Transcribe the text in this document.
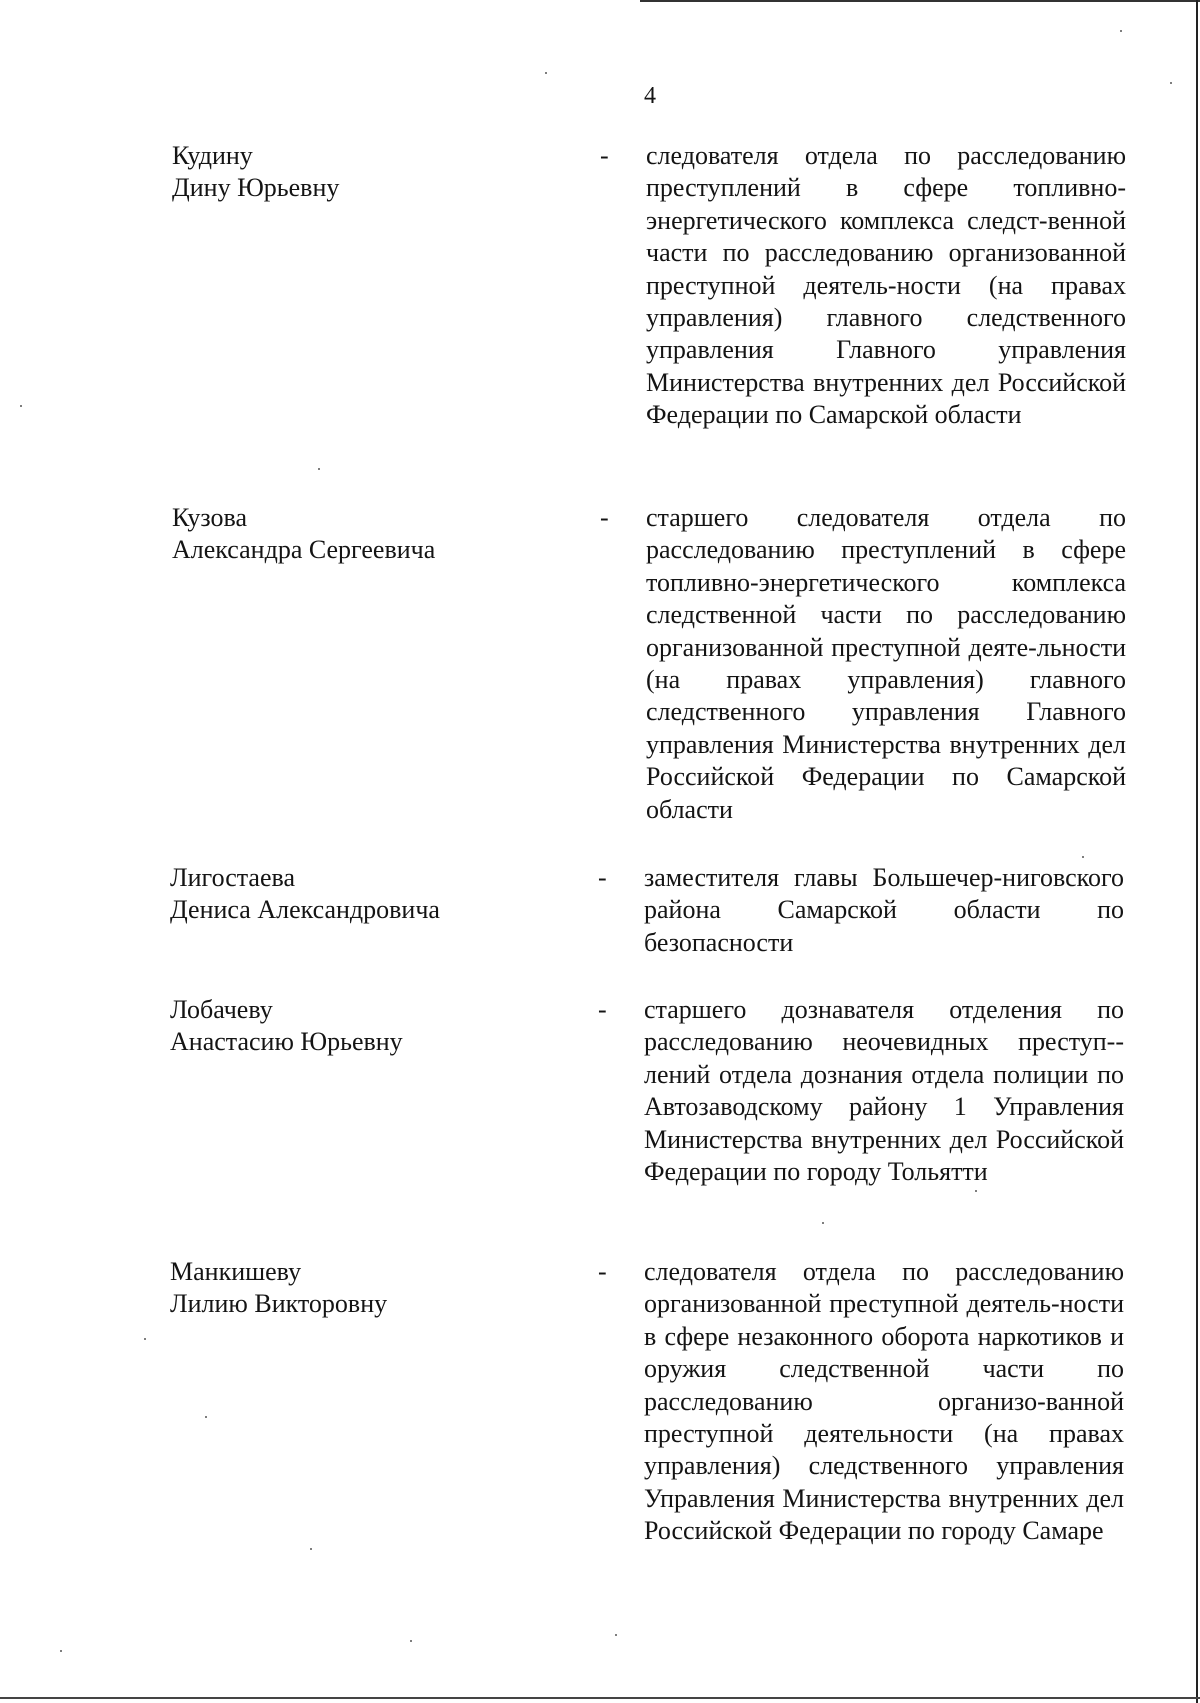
4
Кудину
Дину Юрьевну
-	следователя отдела по расследованию преступлений в сфере топливно-энергетического комплекса следст-венной части по расследованию организованной преступной деятель-ности (на правах управления) главного следственного управления Главного управления Министерства внутренних дел Российской Федерации по Самарской области
Кузова
Александра Сергеевича
-	старшего следователя отдела по расследованию преступлений в сфере топливно-энергетического комплекса следственной части по расследованию организованной преступной деяте-льности (на правах управления) главного следственного управления Главного управления Министерства внутренних дел Российской Федерации по Самарской области
Лигостаева
Дениса Александровича
-	заместителя главы Большечер-ниговского района Самарской области по безопасности
Лобачеву
Анастасию Юрьевну
-	старшего дознавателя отделения по расследованию неочевидных преступ-лений отдела дознания отдела полиции по Автозаводскому району 1 Управления Министерства внутренних дел Российской Федерации по городу Тольятти
Манкишеву
Лилию Викторовну
-	следователя отдела по расследованию организованной преступной деятель-ности в сфере незаконного оборота наркотиков и оружия следственной части по расследованию организо-ванной преступной деятельности (на правах управления) следственного управления Управления Министерства внутренних дел Российской Федерации по городу Самаре
